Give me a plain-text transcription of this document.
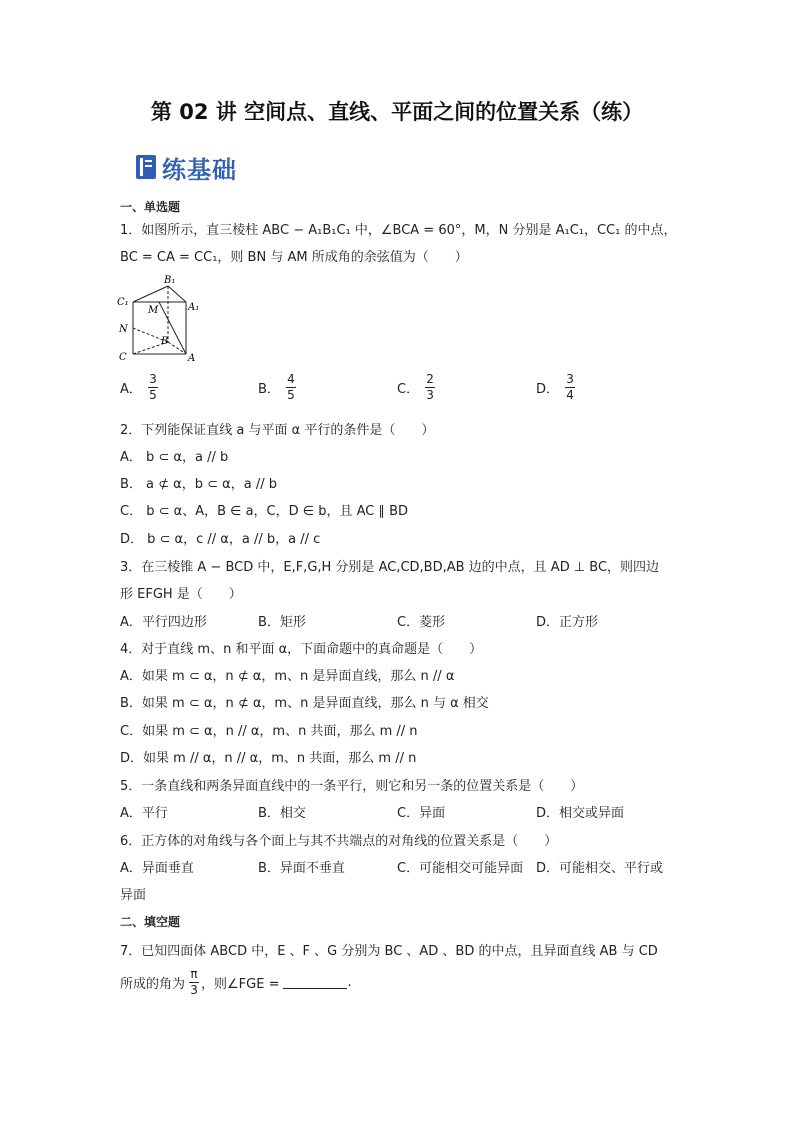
第 02 讲 空间点、直线、平面之间的位置关系（练）
练基础
一、单选题
1．如图所示，直三棱柱 ABC − A₁B₁C₁ 中，∠BCA = 60°，M，N 分别是 A₁C₁，CC₁ 的中点，
BC = CA = CC₁，则 BN 与 AM 所成角的余弦值为（　　）
B₁
C₁	A₁
M
N
C
B
A
A． $\frac{3}{5}$	B． $\frac{4}{5}$	C． $\frac{2}{3}$	D． $\frac{3}{4}$
2．下列能保证直线 a 与平面 α 平行的条件是（　　）
A． b ⊂ α，a // b
B． a ⊄ α，b ⊂ α，a // b
C． b ⊂ α、A，B ∈ a，C，D ∈ b，且 AC ∥ BD
D． b ⊂ α，c // α，a // b，a // c
3．在三棱锥 A − BCD 中，E,F,G,H 分别是 AC,CD,BD,AB 边的中点，且 AD ⊥ BC，则四边
形 EFGH 是（　　）
A．平行四边形	B．矩形	C．菱形	D．正方形
4．对于直线 m、n 和平面 α，下面命题中的真命题是（　　）
A．如果 m ⊂ α，n ⊄ α，m、n 是异面直线，那么 n // α
B．如果 m ⊂ α，n ⊄ α，m、n 是异面直线，那么 n 与 α 相交
C．如果 m ⊂ α，n // α，m、n 共面，那么 m // n
D．如果 m // α，n // α，m、n 共面，那么 m // n
5．一条直线和两条异面直线中的一条平行，则它和另一条的位置关系是（　　）
A．平行	B．相交	C．异面	D．相交或异面
6．正方体的对角线与各个面上与其不共端点的对角线的位置关系是（　　）
A．异面垂直	B．异面不垂直	C．可能相交可能异面 D．可能相交、平行或
异面
二、填空题
7．已知四面体 ABCD 中，E 、F 、G 分别为 BC 、AD 、BD 的中点，且异面直线 AB 与 CD
所成的角为 $\frac{\pi}{3}$ ，则∠FGE =	.
